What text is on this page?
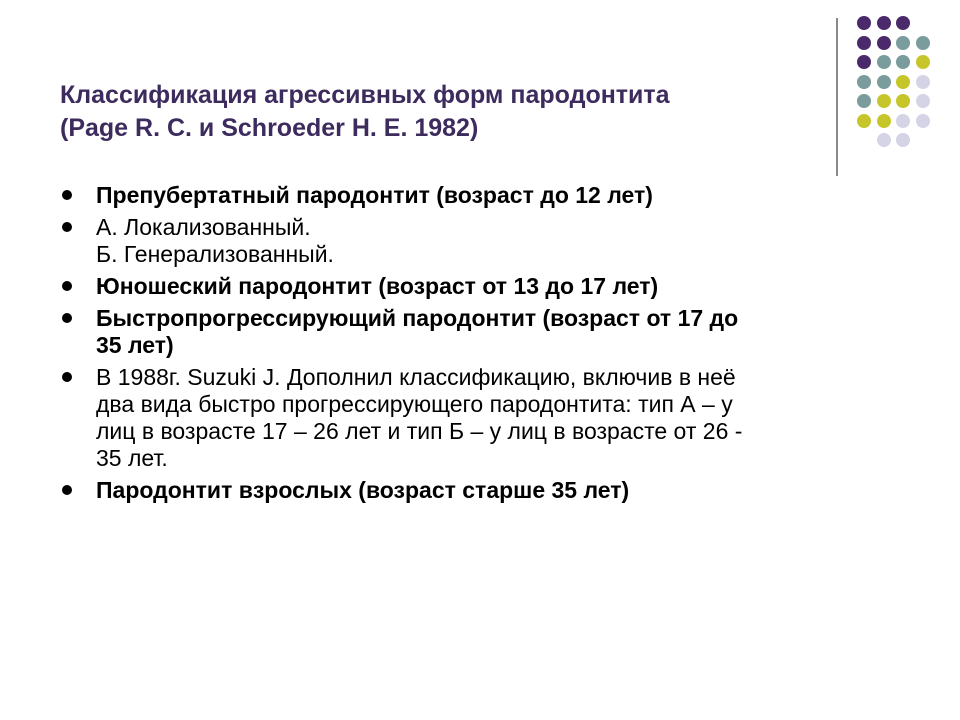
Классификация агрессивных форм пародонтита
(Page R. C. и Schroeder H. E. 1982)
Препубертатный пародонтит (возраст до 12 лет)
А. Локализованный.
Б. Генерализованный.
Юношеский пародонтит (возраст от 13 до 17 лет)
Быстропрогрессирующий пародонтит (возраст от 17 до
35 лет)
В 1988г. Suzuki J. Дополнил классификацию, включив в неё
два вида быстро прогрессирующего пародонтита: тип А – у
лиц в возрасте 17 – 26 лет и тип Б – у лиц в возрасте от 26 -
35 лет.
Пародонтит взрослых (возраст старше 35 лет)
